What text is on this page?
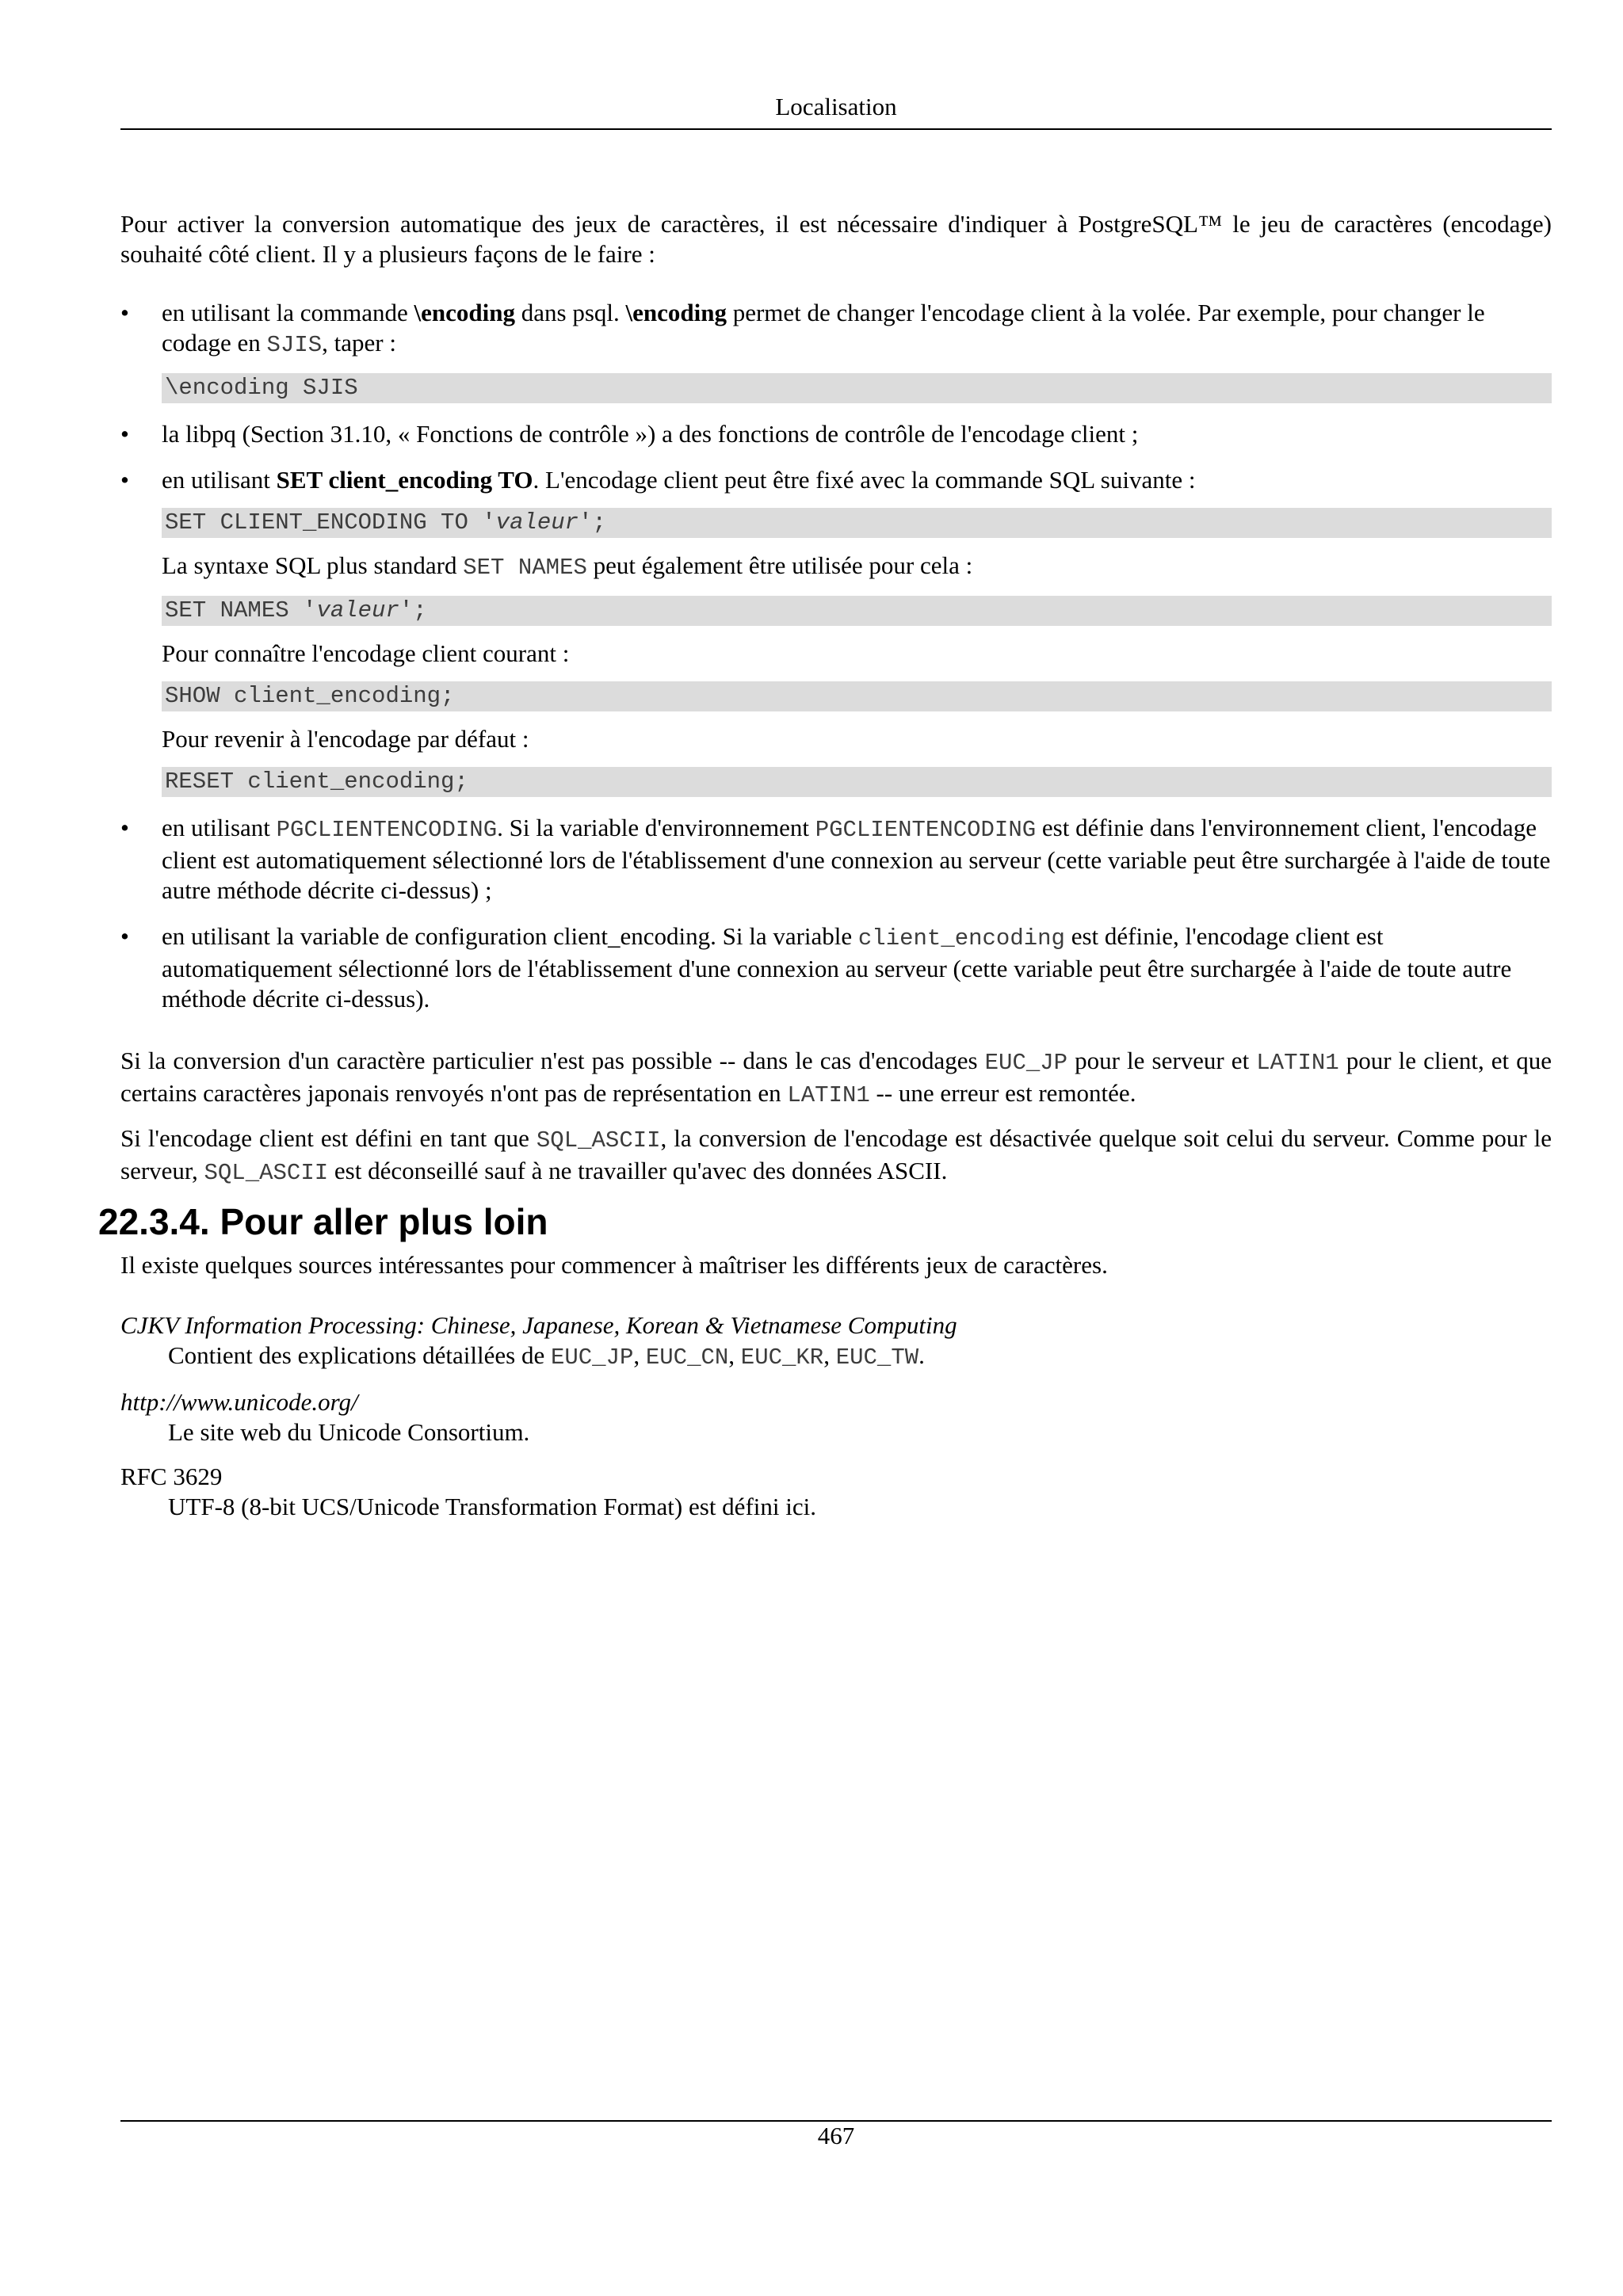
Localisation

Pour activer la conversion automatique des jeux de caractères, il est nécessaire d'indiquer à PostgreSQL™ le jeu de caractères (encodage) souhaité côté client. Il y a plusieurs façons de le faire :

•	en utilisant la commande \encoding dans psql. \encoding permet de changer l'encodage client à la volée. Par exemple, pour changer le codage en SJIS, taper :

\encoding SJIS
•	la libpq (Section 31.10, « Fonctions de contrôle ») a des fonctions de contrôle de l'encodage client ;

•	en utilisant SET client_encoding TO. L'encodage client peut être fixé avec la commande SQL suivante :

SET CLIENT_ENCODING TO 'valeur';

La syntaxe SQL plus standard SET NAMES peut également être utilisée pour cela :

SET NAMES 'valeur';

Pour connaître l'encodage client courant :

SHOW client_encoding;

Pour revenir à l'encodage par défaut :

RESET client_encoding;
•	en utilisant PGCLIENTENCODING. Si la variable d'environnement PGCLIENTENCODING est définie dans l'environnement client, l'encodage client est automatiquement sélectionné lors de l'établissement d'une connexion au serveur (cette variable peut être surchargée à l'aide de toute autre méthode décrite ci-dessus) ;

•	en utilisant la variable de configuration client_encoding. Si la variable client_encoding est définie, l'encodage client est automatiquement sélectionné lors de l'établissement d'une connexion au serveur (cette variable peut être surchargée à l'aide de toute autre méthode décrite ci-dessus).

Si la conversion d'un caractère particulier n'est pas possible -- dans le cas d'encodages EUC_JP pour le serveur et LATIN1 pour le client, et que certains caractères japonais renvoyés n'ont pas de représentation en LATIN1 -- une erreur est remontée.

Si l'encodage client est défini en tant que SQL_ASCII, la conversion de l'encodage est désactivée quelque soit celui du serveur. Comme pour le serveur, SQL_ASCII est déconseillé sauf à ne travailler qu'avec des données ASCII.

22.3.4. Pour aller plus loin

Il existe quelques sources intéressantes pour commencer à maîtriser les différents jeux de caractères.

CJKV Information Processing: Chinese, Japanese, Korean & Vietnamese Computing
Contient des explications détaillées de EUC_JP, EUC_CN, EUC_KR, EUC_TW.
http://www.unicode.org/
Le site web du Unicode Consortium.
RFC 3629
UTF-8 (8-bit UCS/Unicode Transformation Format) est défini ici.
467
